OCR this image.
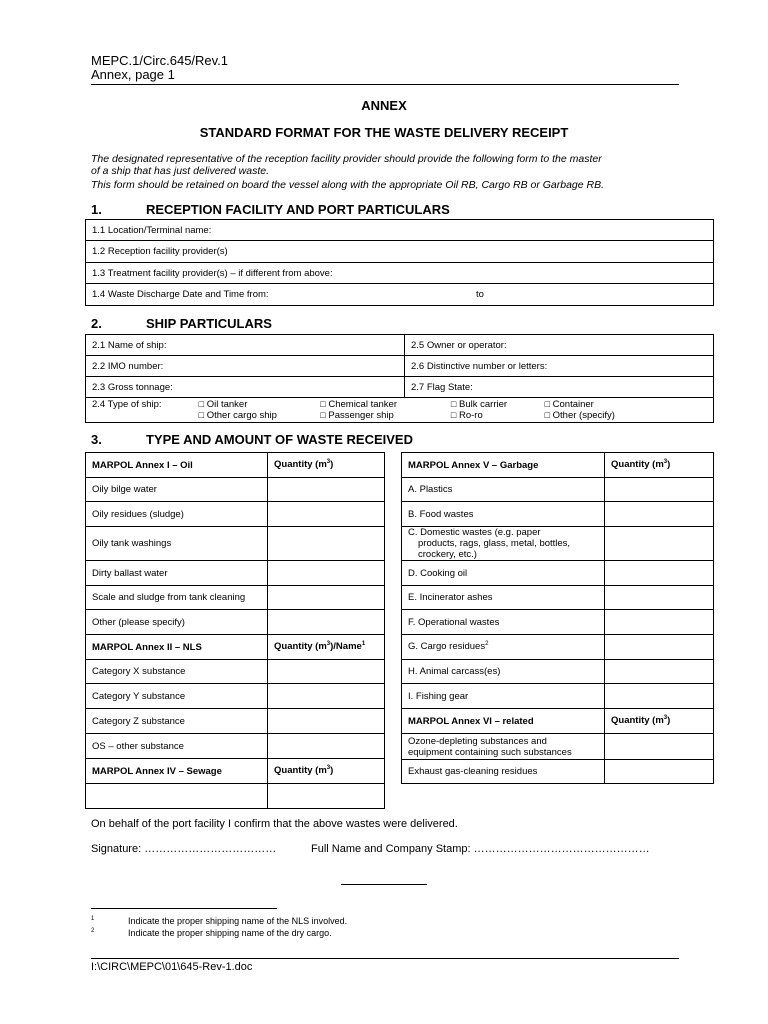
MEPC.1/Circ.645/Rev.1
Annex, page 1
ANNEX
STANDARD FORMAT FOR THE WASTE DELIVERY RECEIPT
The designated representative of the reception facility provider should provide the following form to the master
of a ship that has just delivered waste.
This form should be retained on board the vessel along with the appropriate Oil RB, Cargo RB or Garbage RB.
1.	RECEPTION FACILITY AND PORT PARTICULARS
1.1 Location/Terminal name:
1.2 Reception facility provider(s)
1.3 Treatment facility provider(s) – if different from above:
1.4 Waste Discharge Date and Time from:	to
2.	SHIP PARTICULARS
2.1 Name of ship:	2.5 Owner or operator:
2.2 IMO number:	2.6 Distinctive number or letters:
2.3 Gross tonnage:	2.7 Flag State:
2.4 Type of ship: □ Oil tanker
□ Other cargo ship □ Chemical tanker
□ Passenger ship □ Bulk carrier
□ Ro-ro □ Container
□ Other (specify)	
3.	TYPE AND AMOUNT OF WASTE RECEIVED
MARPOL Annex I – Oil	Quantity $(m^3)$
Oily bilge water	
Oily residues (sludge)	
Oily tank washings	
Dirty ballast water	
Scale and sludge from tank cleaning	
Other (please specify)	
MARPOL Annex II – NLS	Quantity $(m^3)/Name^1$
Category X substance	
Category Y substance	
Category Z substance	
OS – other substance	
MARPOL Annex IV – Sewage	Quantity $(m^3)$

MARPOL Annex V – Garbage	Quantity $(m^3)$
A. Plastics	
B. Food wastes	
C. Domestic wastes (e.g. paper
products, rags, glass, metal, bottles,
crockery, etc.)	
D. Cooking oil	
E. Incinerator ashes	
F. Operational wastes	
G. Cargo residues$^2$	
H. Animal carcass(es)	
I. Fishing gear	
MARPOL Annex VI – related	Quantity $(m^3)$
Ozone-depleting substances and
equipment containing such substances	
Exhaust gas-cleaning residues	
On behalf of the port facility I confirm that the above wastes were delivered.
Signature: ………………………………	Full Name and Company Stamp: …………………………………………
$^1$	Indicate the proper shipping name of the NLS involved.
$^2$	Indicate the proper shipping name of the dry cargo.
I:\CIRC\MEPC\01\645-Rev-1.doc
